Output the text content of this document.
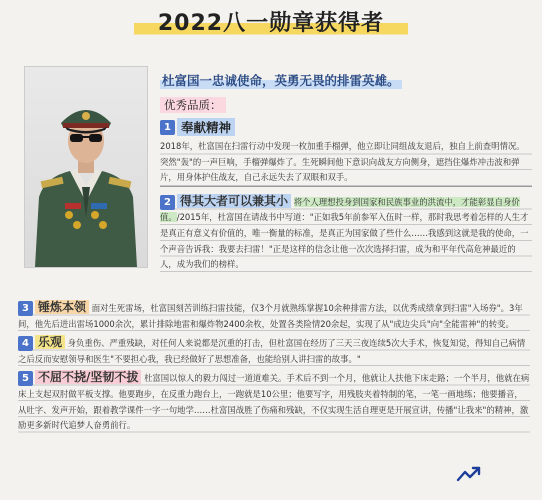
2022八一勋章获得者
杜富国一忠诚使命，英勇无畏的排雷英雄。
优秀品质：
1 奉献精神
2018年，杜富国在扫雷行动中发现一枚加重手榴弹，他立即让同组战友退后，独自上前查明情况。突然"轰"的一声巨响，手榴弹爆炸了。生死瞬间他下意识向战友方向侧身，遮挡住爆炸冲击波和弹片，用身体护住战友，自己永远失去了双眼和双手。
2 得其大者可以兼其小 将个人理想投身到国家和民族事业的洪流中，才能彰显自身价值。/2015年，杜富国在请战书中写道："正如我5年前参军入伍时一样，那时我思考着怎样的人生才是真正有意义有价值的，唯一衡量的标准，是真正为国家做了些什么……我感到这就是我的使命，一个声音告诉我：我要去扫雷！"正是这样的信念让他一次次选择扫雷，成为和平年代高危神最近的人，成为我们的榜样。
3 锤炼本领 面对生死雷场，杜富国刻苦训练扫雷技能，仅3个月就熟练掌握10余种排雷方法，以优秀成绩拿到扫雷"入场券"。3年间，他先后进出雷场1000余次，累计排除地雷和爆炸物2400余枚，处置各类险情20余起，实现了从"成边尖兵"向"全能雷神"的转变。
4 乐观 身负重伤、严重残缺，对任何人来说都是沉重的打击，但杜富国在经历了三天三夜连续5次大手术，恢复知觉，得知自己病情之后反而安慰领导和医生"不要担心我，我已经做好了思想准备，也能给别人讲扫雷的故事。"
5 不屈不挠/坚韧不拔 杜富国以惊人的毅力闯过一道道难关。手术后不到一个月，他就让人扶他下床走路；一个半月，他就在病床上支起双肘做平板支撑。他要跑步，在反重力跑台上，一跑就是10公里；他要写字，用残肢夹着特制的笔，一笔一画地练；他要播音，从吐字、发声开始，跟着教学课件一字一句地学……杜富国战胜了伤痛和残缺，不仅实现生活自理更是开展宣讲，传播"让我来"的精神，激励更多新时代追梦人奋勇前行。
